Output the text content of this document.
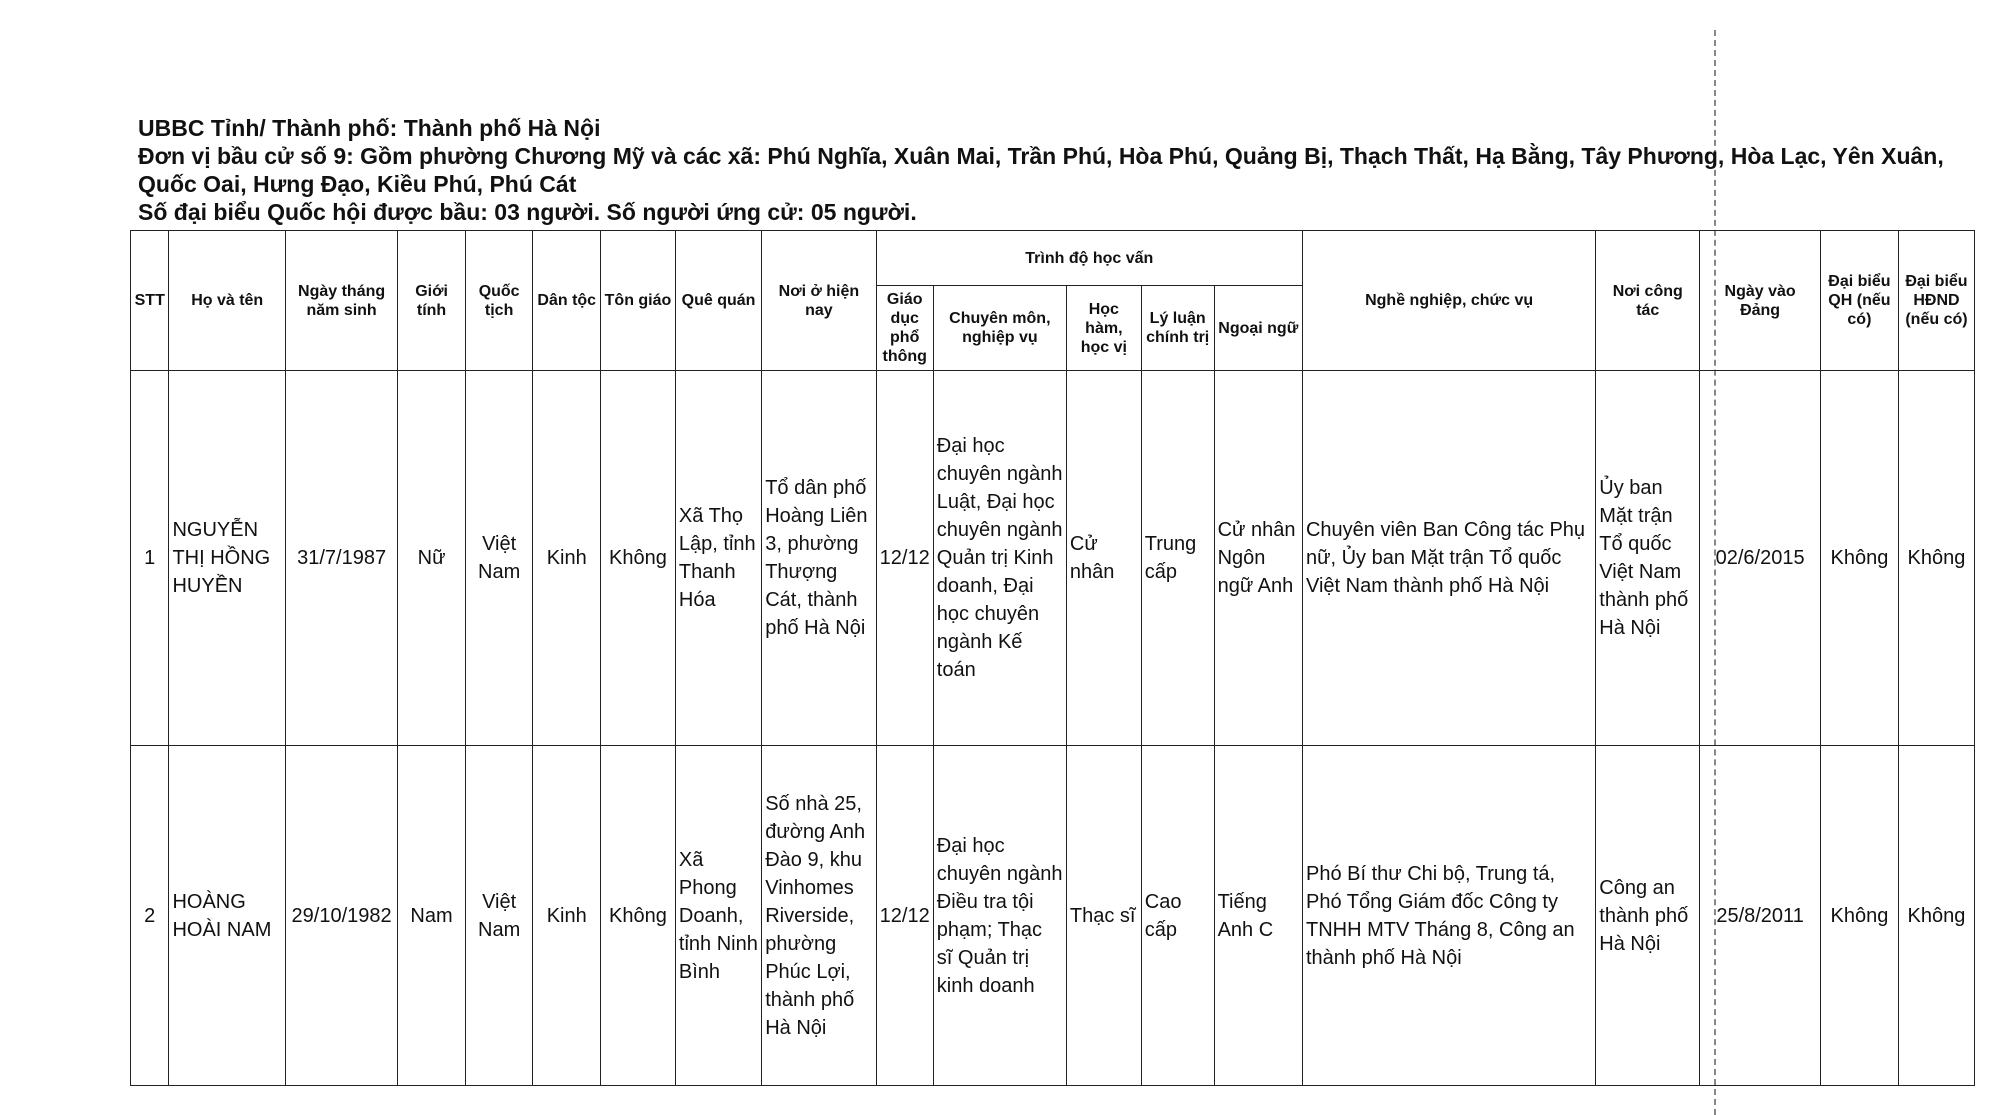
UBBC Tỉnh/ Thành phố: Thành phố Hà Nội
Đơn vị bầu cử số 9: Gồm phường Chương Mỹ và các xã: Phú Nghĩa, Xuân Mai, Trần Phú, Hòa Phú, Quảng Bị, Thạch Thất, Hạ Bằng, Tây Phương, Hòa Lạc, Yên Xuân, Quốc Oai, Hưng Đạo, Kiều Phú, Phú Cát
Số đại biểu Quốc hội được bầu: 03 người. Số người ứng cử: 05 người.
STT	Họ và tên	Ngày tháng năm sinh	Giới tính	Quốc tịch	Dân tộc	Tôn giáo	Quê quán	Nơi ở hiện nay	Trình độ học vấn					Nghề nghiệp, chức vụ	Nơi công tác	Ngày vào Đảng	Đại biểu QH (nếu có)	Đại biểu HĐND (nếu có)
									Giáo dục phổ thông	Chuyên môn, nghiệp vụ	Học hàm, học vị	Lý luận chính trị	Ngoại ngữ					
1	NGUYỄN THỊ HỒNG HUYỀN	31/7/1987	Nữ	Việt Nam	Kinh	Không	Xã Thọ Lập, tỉnh Thanh Hóa	Tổ dân phố Hoàng Liên 3, phường Thượng Cát, thành phố Hà Nội	12/12	Đại học chuyên ngành Luật, Đại học chuyên ngành Quản trị Kinh doanh, Đại học chuyên ngành Kế toán	Cử nhân	Trung cấp	Cử nhân Ngôn ngữ Anh	Chuyên viên Ban Công tác Phụ nữ, Ủy ban Mặt trận Tổ quốc Việt Nam thành phố Hà Nội	Ủy ban Mặt trận Tổ quốc Việt Nam thành phố Hà Nội	02/6/2015	Không	Không
2	HOÀNG HOÀI NAM	29/10/1982	Nam	Việt Nam	Kinh	Không	Xã Phong Doanh, tỉnh Ninh Bình	Số nhà 25, đường Anh Đào 9, khu Vinhomes Riverside, phường Phúc Lợi, thành phố Hà Nội	12/12	Đại học chuyên ngành Điều tra tội phạm; Thạc sĩ Quản trị kinh doanh	Thạc sĩ	Cao cấp	Tiếng Anh C	Phó Bí thư Chi bộ, Trung tá, Phó Tổng Giám đốc Công ty TNHH MTV Tháng 8, Công an thành phố Hà Nội	Công an thành phố Hà Nội	25/8/2011	Không	Không
